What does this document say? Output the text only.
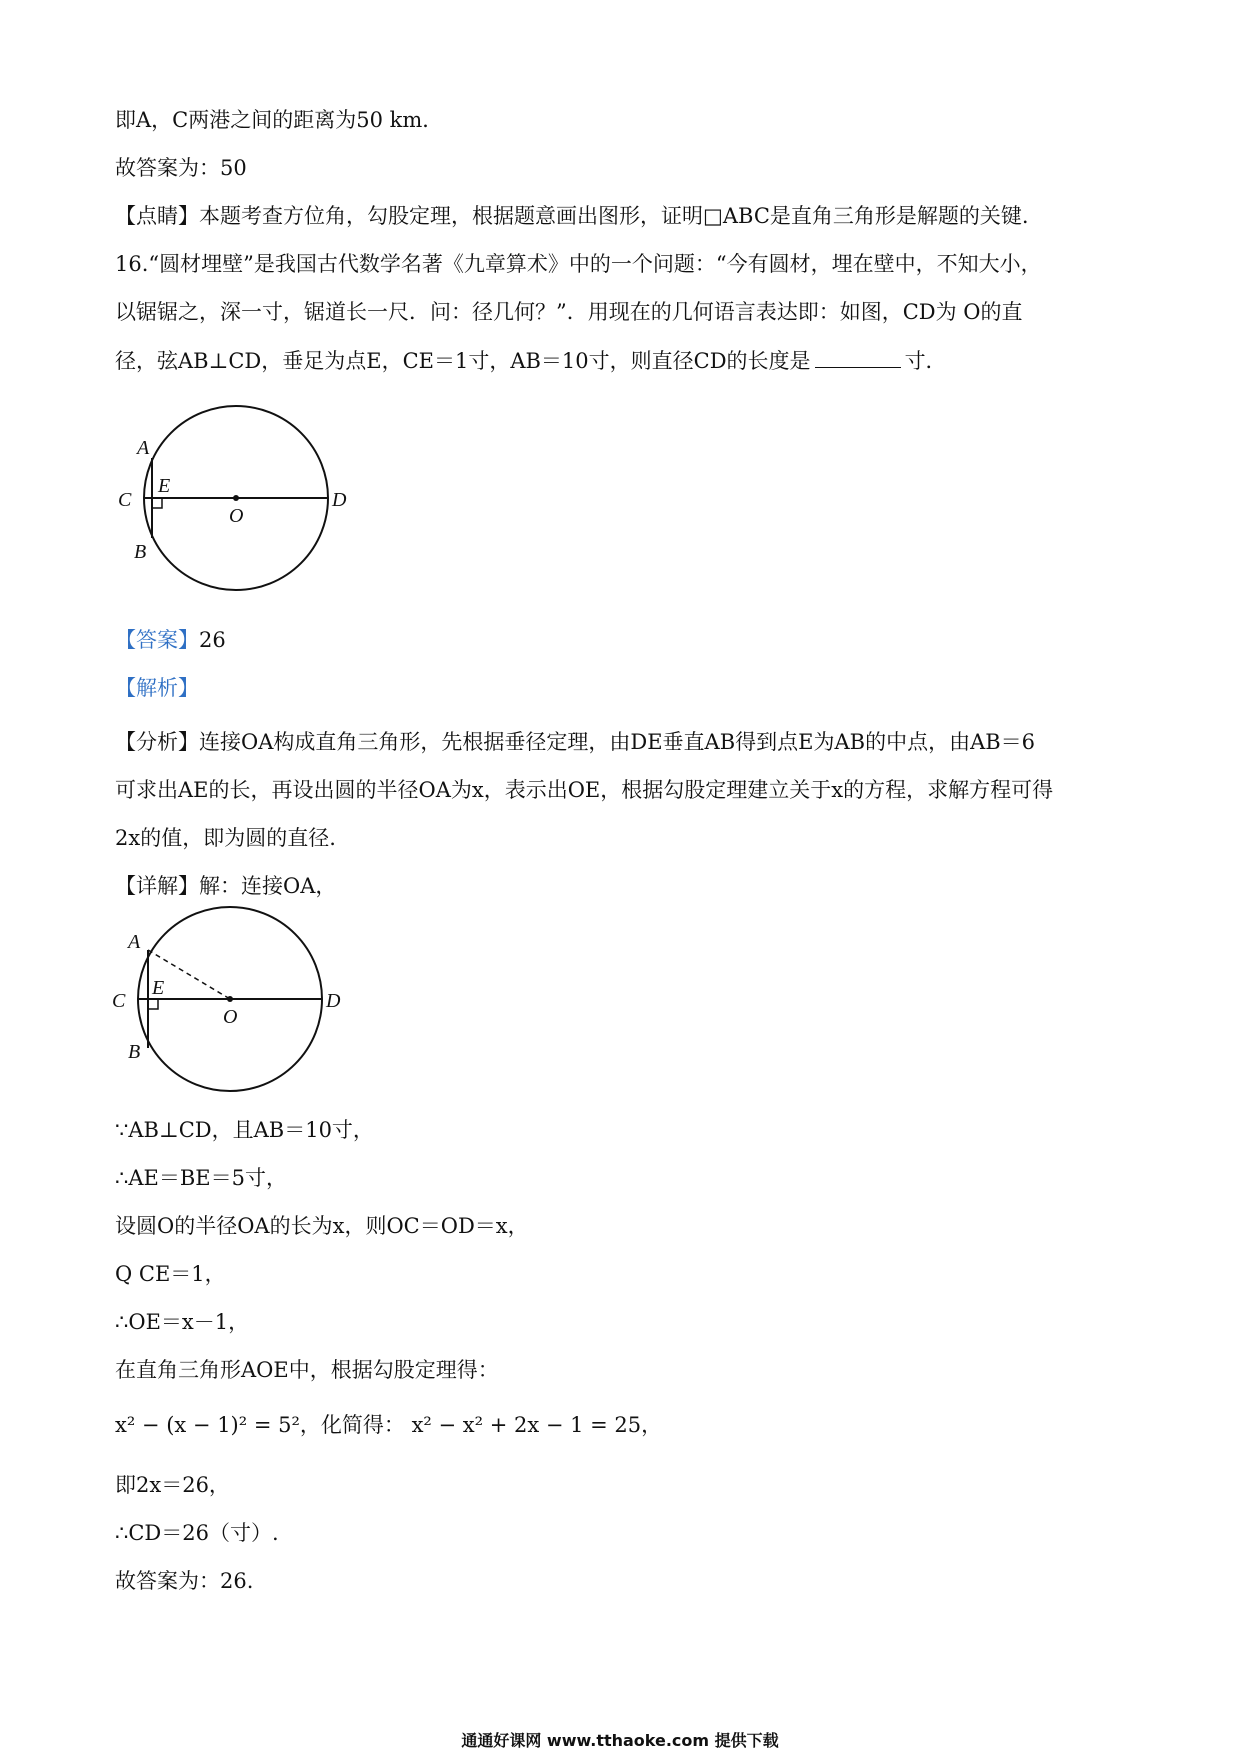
即A，C两港之间的距离为50 km．
故答案为：50
【点睛】本题考查方位角，勾股定理，根据题意画出图形，证明□ABC是直角三角形是解题的关键.
16.“圆材埋壁”是我国古代数学名著《九章算术》中的一个问题：“今有圆材，埋在壁中，不知大小，
以锯锯之，深一寸，锯道长一尺．问：径几何？”．用现在的几何语言表达即：如图，CD为 O的直
径，弦AB⊥CD，垂足为点E，CE＝1寸，AB＝10寸，则直径CD的长度是	寸．
A
C
E
O
D
B
【答案】26
【解析】
【分析】连接OA构成直角三角形，先根据垂径定理，由DE垂直AB得到点E为AB的中点，由AB＝6
可求出AE的长，再设出圆的半径OA为x，表示出OE，根据勾股定理建立关于x的方程，求解方程可得
2x的值，即为圆的直径.
【详解】解：连接OA，
A
C
E
O
D
B
∵AB⊥CD，且AB＝10寸，
∴AE＝BE＝5寸，
设圆O的半径OA的长为x，则OC＝OD＝x，
Q CE＝1，
∴OE＝x－1，
在直角三角形AOE中，根据勾股定理得：
x² − (x − 1)² = 5²，化简得： x² − x² + 2x − 1 = 25，
即2x＝26，
∴CD＝26（寸）.
故答案为：26.
通通好课网 www.tthaoke.com 提供下载
